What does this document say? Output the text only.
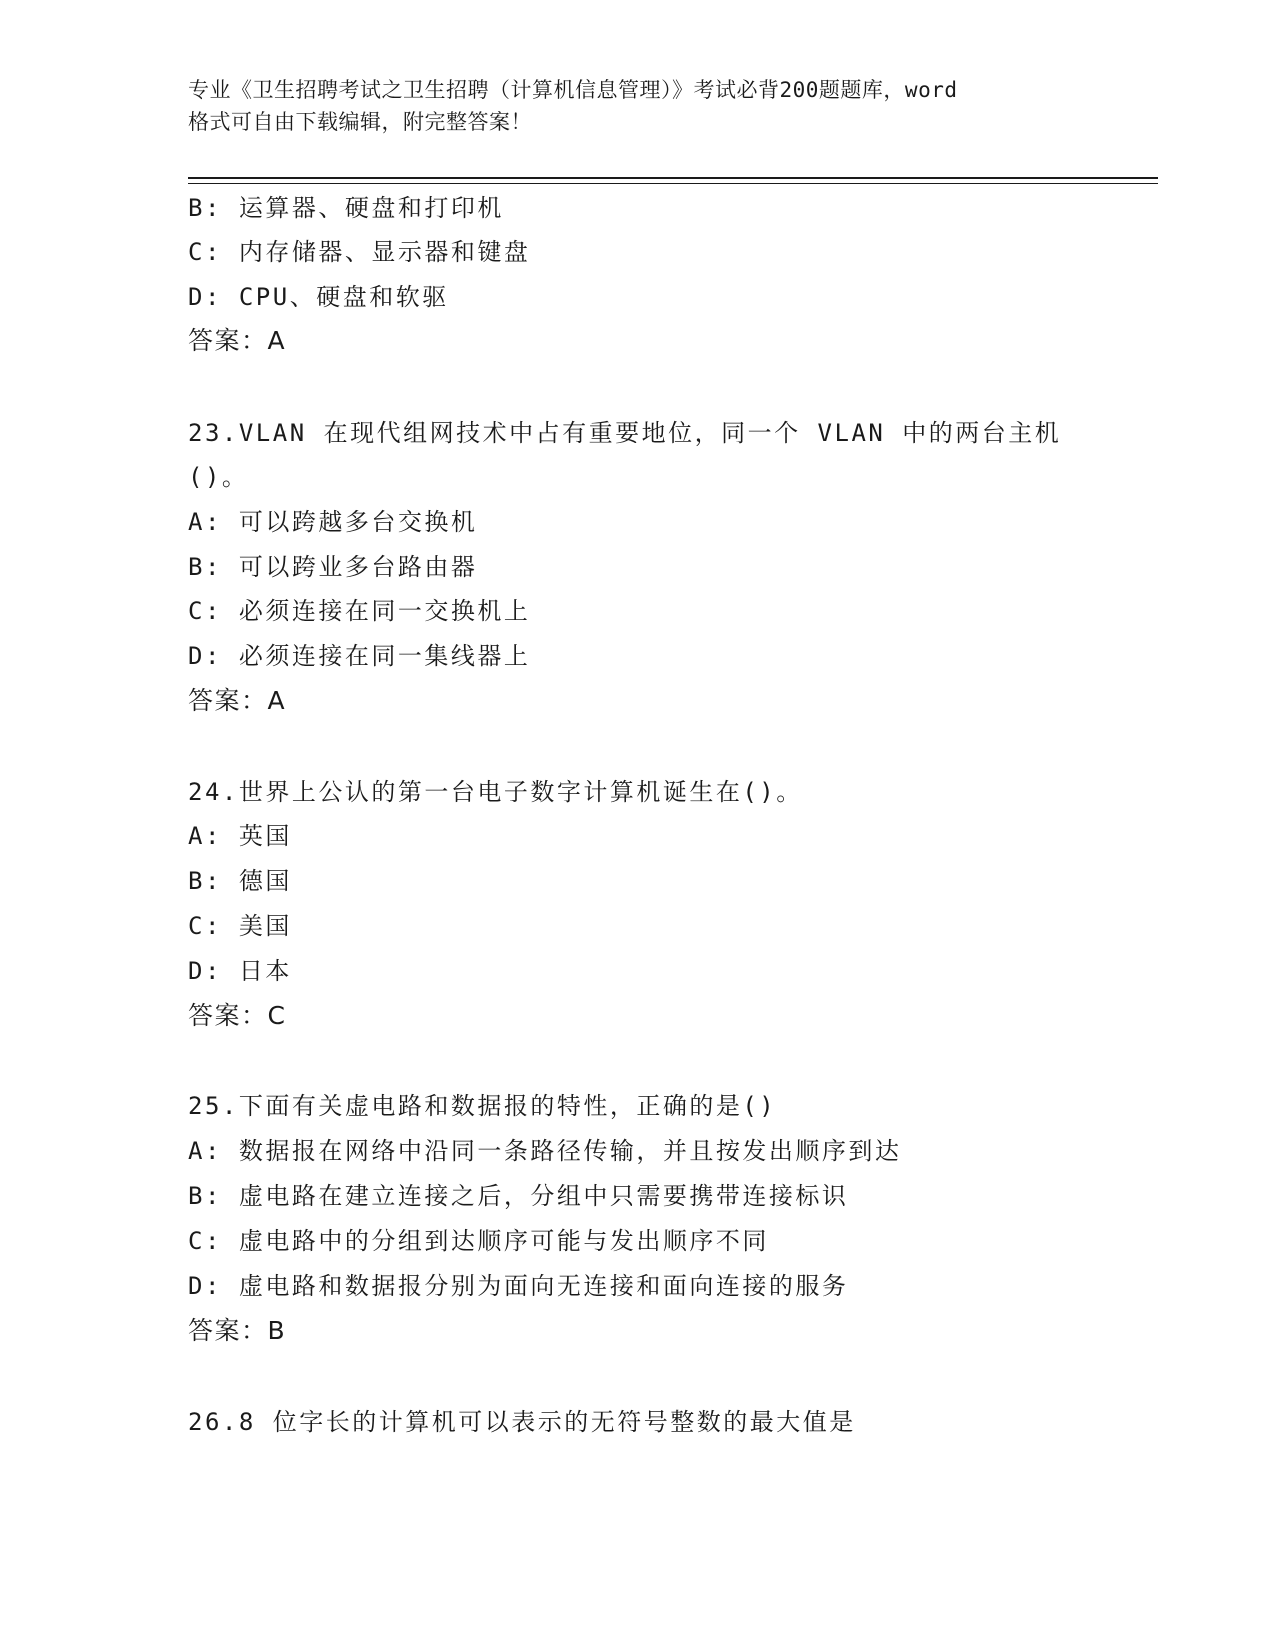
专业《卫生招聘考试之卫生招聘（计算机信息管理）》考试必背200题题库，word
格式可自由下载编辑，附完整答案！
B: 运算器、硬盘和打印机
C: 内存储器、显示器和键盘
D: CPU、硬盘和软驱
答案：A
23.VLAN 在现代组网技术中占有重要地位，同一个 VLAN 中的两台主机
()。
A: 可以跨越多台交换机
B: 可以跨业多台路由器
C: 必须连接在同一交换机上
D: 必须连接在同一集线器上
答案：A
24.世界上公认的第一台电子数字计算机诞生在()。
A: 英国
B: 德国
C: 美国
D: 日本
答案：C
25.下面有关虚电路和数据报的特性，正确的是()
A: 数据报在网络中沿同一条路径传输，并且按发出顺序到达
B: 虚电路在建立连接之后，分组中只需要携带连接标识
C: 虚电路中的分组到达顺序可能与发出顺序不同
D: 虚电路和数据报分别为面向无连接和面向连接的服务
答案：B
26.8 位字长的计算机可以表示的无符号整数的最大值是
